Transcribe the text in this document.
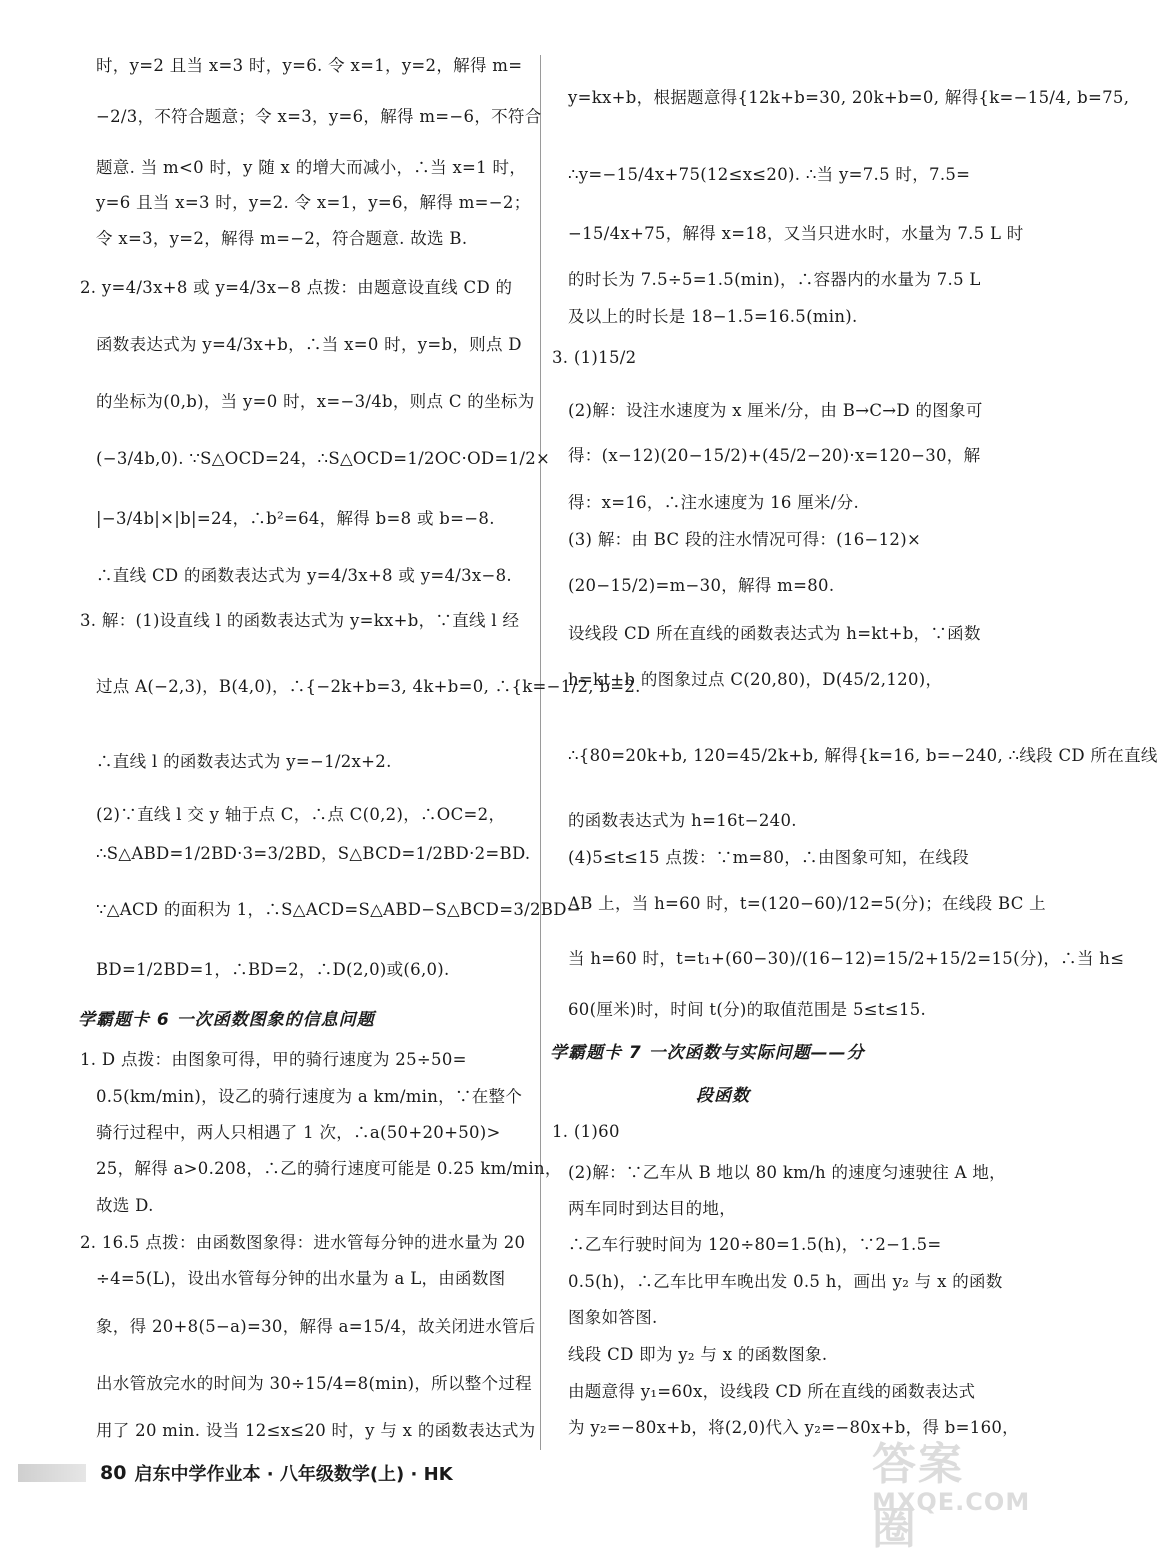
时，y=2 且当 x=3 时，y=6. 令 x=1，y=2，解得 m=
−2/3，不符合题意；令 x=3，y=6，解得 m=−6，不符合
题意. 当 m<0 时，y 随 x 的增大而减小，∴当 x=1 时，
y=6 且当 x=3 时，y=2. 令 x=1，y=6，解得 m=−2；
令 x=3，y=2，解得 m=−2，符合题意. 故选 B.
2. y=4/3x+8 或 y=4/3x−8 点拨：由题意设直线 CD 的
函数表达式为 y=4/3x+b，∴当 x=0 时，y=b，则点 D
的坐标为(0,b)，当 y=0 时，x=−3/4b，则点 C 的坐标为
(−3/4b,0). ∵S△OCD=24，∴S△OCD=1/2OC·OD=1/2×
|−3/4b|×|b|=24，∴b²=64，解得 b=8 或 b=−8.
∴直线 CD 的函数表达式为 y=4/3x+8 或 y=4/3x−8.
3. 解：(1)设直线 l 的函数表达式为 y=kx+b，∵直线 l 经
过点 A(−2,3)，B(4,0)，∴{−2k+b=3, 4k+b=0, ∴{k=−1/2, b=2.
∴直线 l 的函数表达式为 y=−1/2x+2.
(2)∵直线 l 交 y 轴于点 C，∴点 C(0,2)，∴OC=2，
∴S△ABD=1/2BD·3=3/2BD，S△BCD=1/2BD·2=BD.
∵△ACD 的面积为 1，∴S△ACD=S△ABD−S△BCD=3/2BD−
BD=1/2BD=1，∴BD=2，∴D(2,0)或(6,0).
学霸题卡 6 一次函数图象的信息问题
1. D 点拨：由图象可得，甲的骑行速度为 25÷50=
0.5(km/min)，设乙的骑行速度为 a km/min，∵在整个
骑行过程中，两人只相遇了 1 次，∴a(50+20+50)>
25，解得 a>0.208，∴乙的骑行速度可能是 0.25 km/min，
故选 D.
2. 16.5 点拨：由函数图象得：进水管每分钟的进水量为 20
÷4=5(L)，设出水管每分钟的出水量为 a L，由函数图
象，得 20+8(5−a)=30，解得 a=15/4，故关闭进水管后
出水管放完水的时间为 30÷15/4=8(min)，所以整个过程
用了 20 min. 设当 12≤x≤20 时，y 与 x 的函数表达式为
y=kx+b，根据题意得{12k+b=30, 20k+b=0, 解得{k=−15/4, b=75,
∴y=−15/4x+75(12≤x≤20). ∴当 y=7.5 时，7.5=
−15/4x+75，解得 x=18，又当只进水时，水量为 7.5 L 时
的时长为 7.5÷5=1.5(min)，∴容器内的水量为 7.5 L
及以上的时长是 18−1.5=16.5(min).
3. (1)15/2
(2)解：设注水速度为 x 厘米/分，由 B→C→D 的图象可
得：(x−12)(20−15/2)+(45/2−20)·x=120−30，解
得：x=16，∴注水速度为 16 厘米/分.
(3) 解：由 BC 段的注水情况可得：(16−12)×
(20−15/2)=m−30，解得 m=80.
设线段 CD 所在直线的函数表达式为 h=kt+b，∵函数
h=kt+b 的图象过点 C(20,80)，D(45/2,120)，
∴{80=20k+b, 120=45/2k+b, 解得{k=16, b=−240, ∴线段 CD 所在直线
的函数表达式为 h=16t−240.
(4)5≤t≤15 点拨：∵m=80，∴由图象可知，在线段
AB 上，当 h=60 时，t=(120−60)/12=5(分)；在线段 BC 上
当 h=60 时，t=t₁+(60−30)/(16−12)=15/2+15/2=15(分)，∴当 h≤
60(厘米)时，时间 t(分)的取值范围是 5≤t≤15.
学霸题卡 7 一次函数与实际问题——分
段函数
1. (1)60
(2)解：∵乙车从 B 地以 80 km/h 的速度匀速驶往 A 地，
两车同时到达目的地，
∴乙车行驶时间为 120÷80=1.5(h)，∵2−1.5=
0.5(h)，∴乙车比甲车晚出发 0.5 h，画出 y₂ 与 x 的函数
图象如答图.
线段 CD 即为 y₂ 与 x 的函数图象.
由题意得 y₁=60x，设线段 CD 所在直线的函数表达式
为 y₂=−80x+b，将(2,0)代入 y₂=−80x+b，得 b=160，
80 启东中学作业本 · 八年级数学(上) · HK	答案圈
MXQE.COM
